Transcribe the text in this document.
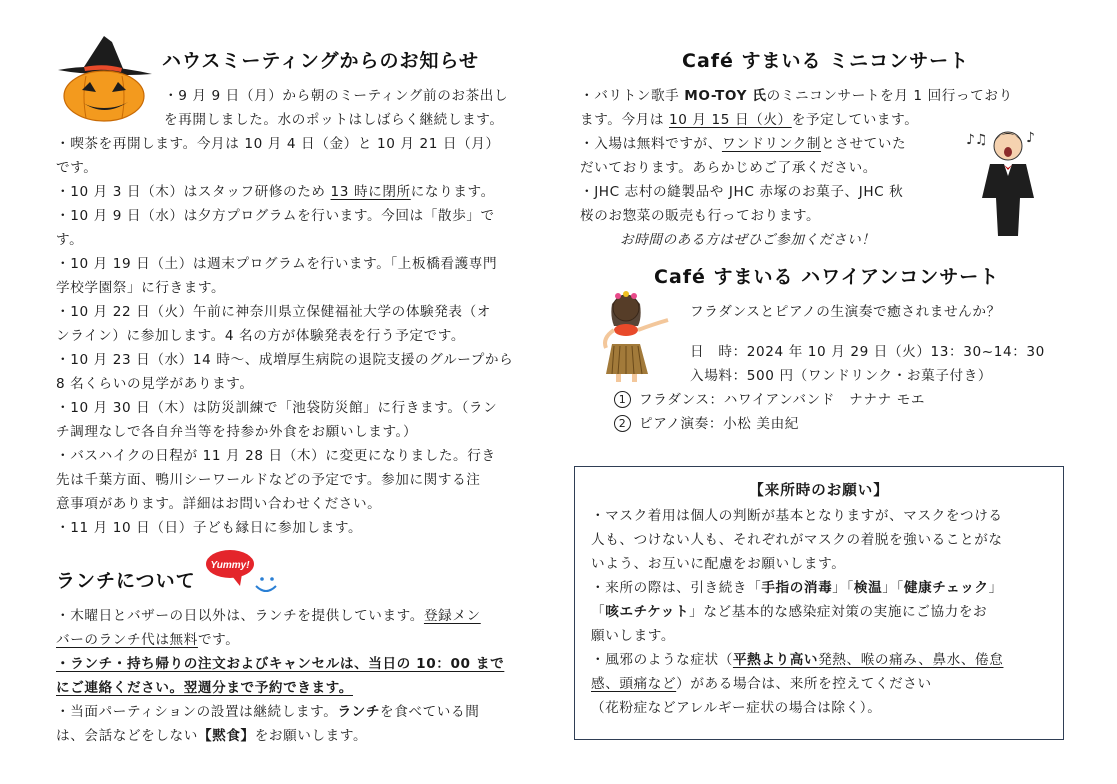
ハウスミーティングからのお知らせ
・9 月 9 日（月）から朝のミーティング前のお茶出し
を再開しました。水のポットはしばらく継続します。
・喫茶を再開します。今月は 10 月 4 日（金）と 10 月 21 日（月）
です。
・10 月 3 日（木）はスタッフ研修のため 13 時に閉所になります。
・10 月 9 日（水）は夕方プログラムを行います。今回は「散歩」で
す。
・10 月 19 日（土）は週末プログラムを行います。「上板橋看護専門
学校学園祭」に行きます。
・10 月 22 日（火）午前に神奈川県立保健福祉大学の体験発表（オ
ンライン）に参加します。4 名の方が体験発表を行う予定です。
・10 月 23 日（水）14 時～、成増厚生病院の退院支援のグループから
8 名くらいの見学があります。
・10 月 30 日（木）は防災訓練で「池袋防災館」に行きます。（ラン
チ調理なしで各自弁当等を持参か外食をお願いします。）
・バスハイクの日程が 11 月 28 日（木）に変更になりました。行き
先は千葉方面、鴨川シーワールドなどの予定です。参加に関する注
意事項があります。詳細はお問い合わせください。
・11 月 10 日（日）子ども縁日に参加します。
ランチについて
Yummy!
・木曜日とバザーの日以外は、ランチを提供しています。登録メン
バーのランチ代は無料です。
・ランチ・持ち帰りの注文およびキャンセルは、当日の 10：00 まで
にご連絡ください。翌週分まで予約できます。
・当面パーティションの設置は継続します。ランチを食べている間
は、会話などをしない【黙食】をお願いします。
Café すまいる ミニコンサート
・バリトン歌手 MO-TOY 氏のミニコンサートを月 1 回行っており
ます。今月は 10 月 15 日（火）を予定しています。
・入場は無料ですが、ワンドリンク制とさせていた
だいております。あらかじめご了承ください。
・JHC 志村の縫製品や JHC 赤塚のお菓子、JHC 秋
桜のお惣菜の販売も行っております。
お時間のある方はぜひご参加ください！
♪♫	♪
Café すまいる ハワイアンコンサート
フラダンスとピアノの生演奏で癒されませんか？
日　時：2024 年 10 月 29 日（火）13：30~14：30
入場料：500 円（ワンドリンク・お菓子付き）
1 フラダンス：ハワイアンバンド　ナナナ モエ
2 ピアノ演奏：小松 美由紀
【来所時のお願い】
・マスク着用は個人の判断が基本となりますが、マスクをつける
人も、つけない人も、それぞれがマスクの着脱を強いることがな
いよう、お互いに配慮をお願いします。
・来所の際は、引き続き「手指の消毒」「検温」「健康チェック」
「咳エチケット」など基本的な感染症対策の実施にご協力をお
願いします。
・風邪のような症状（平熱より高い発熱、喉の痛み、鼻水、倦怠
感、頭痛など）がある場合は、来所を控えてください
（花粉症などアレルギー症状の場合は除く）。
